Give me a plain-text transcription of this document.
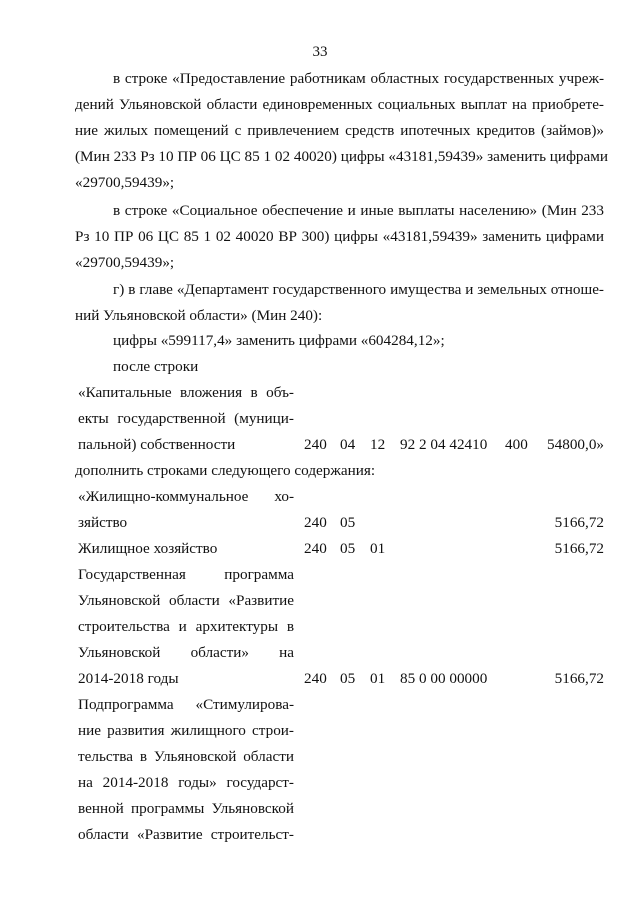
33
в строке «Предоставление работникам областных государственных учреж-
дений Ульяновской области единовременных социальных выплат на приобрете-
ние жилых помещений с привлечением средств ипотечных кредитов (займов)»
(Мин 233 Рз 10 ПР 06 ЦС 85 1 02 40020) цифры «43181,59439» заменить цифрами
«29700,59439»;
в строке «Социальное обеспечение и иные выплаты населению» (Мин 233
Рз 10 ПР 06 ЦС 85 1 02 40020 ВР 300) цифры «43181,59439» заменить цифрами
«29700,59439»;
г) в главе «Департамент государственного имущества и земельных отноше-
ний Ульяновской области» (Мин 240):
цифры «599117,4» заменить цифрами «604284,12»;
после строки
«Капитальные вложения в объ-
екты государственной (муници-
пальной) собственности	240 04 12 92 2 04 42410 400 54800,0»
дополнить строками следующего содержания:
«Жилищно-коммунальное хо-
зяйство	240 05	5166,72
Жилищное хозяйство	240 05 01	5166,72
Государственная программа
Ульяновской области «Развитие
строительства и архитектуры в
Ульяновской области» на
2014-2018 годы	240 05 01 85 0 00 00000	5166,72
Подпрограмма «Стимулирова-
ние развития жилищного строи-
тельства в Ульяновской области
на 2014-2018 годы» государст-
венной программы Ульяновской
области «Развитие строительст-
